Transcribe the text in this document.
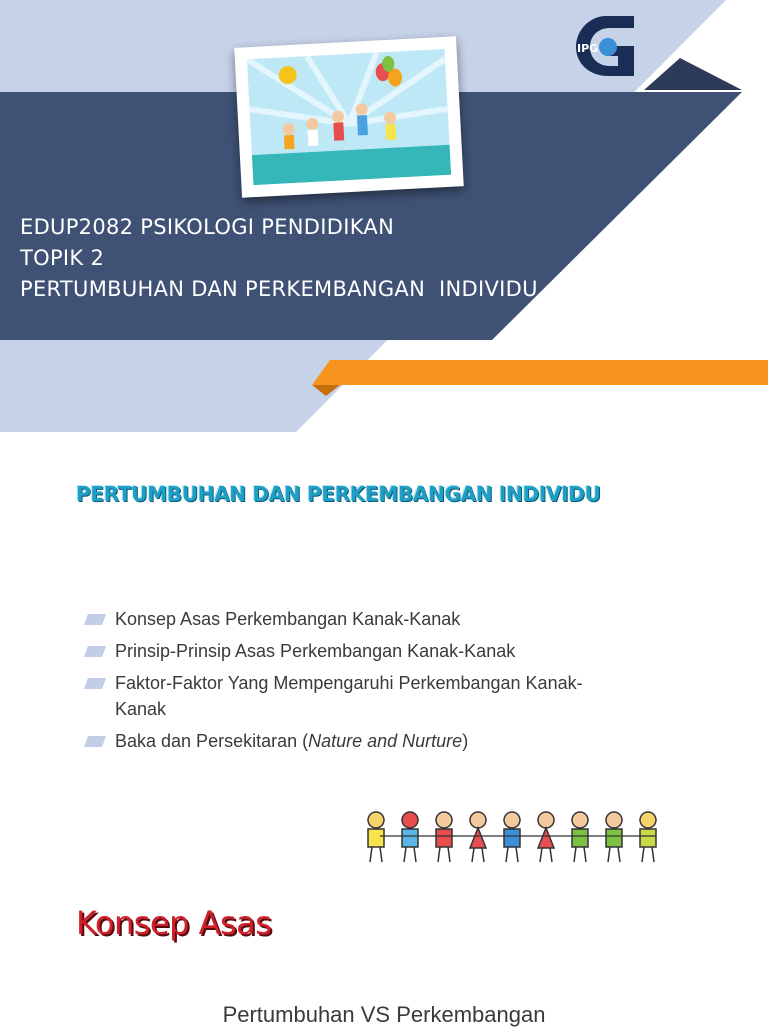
IPG
EDUP2082 PSIKOLOGI PENDIDIKAN
TOPIK 2
PERTUMBUHAN DAN PERKEMBANGAN  INDIVIDU
PERTUMBUHAN DAN PERKEMBANGAN INDIVIDU
Konsep Asas Perkembangan Kanak-Kanak
Prinsip-Prinsip Asas Perkembangan Kanak-Kanak
Faktor-Faktor Yang Mempengaruhi Perkembangan Kanak-Kanak
Baka dan Persekitaran (Nature and Nurture)
Konsep Asas
Pertumbuhan VS Perkembangan
